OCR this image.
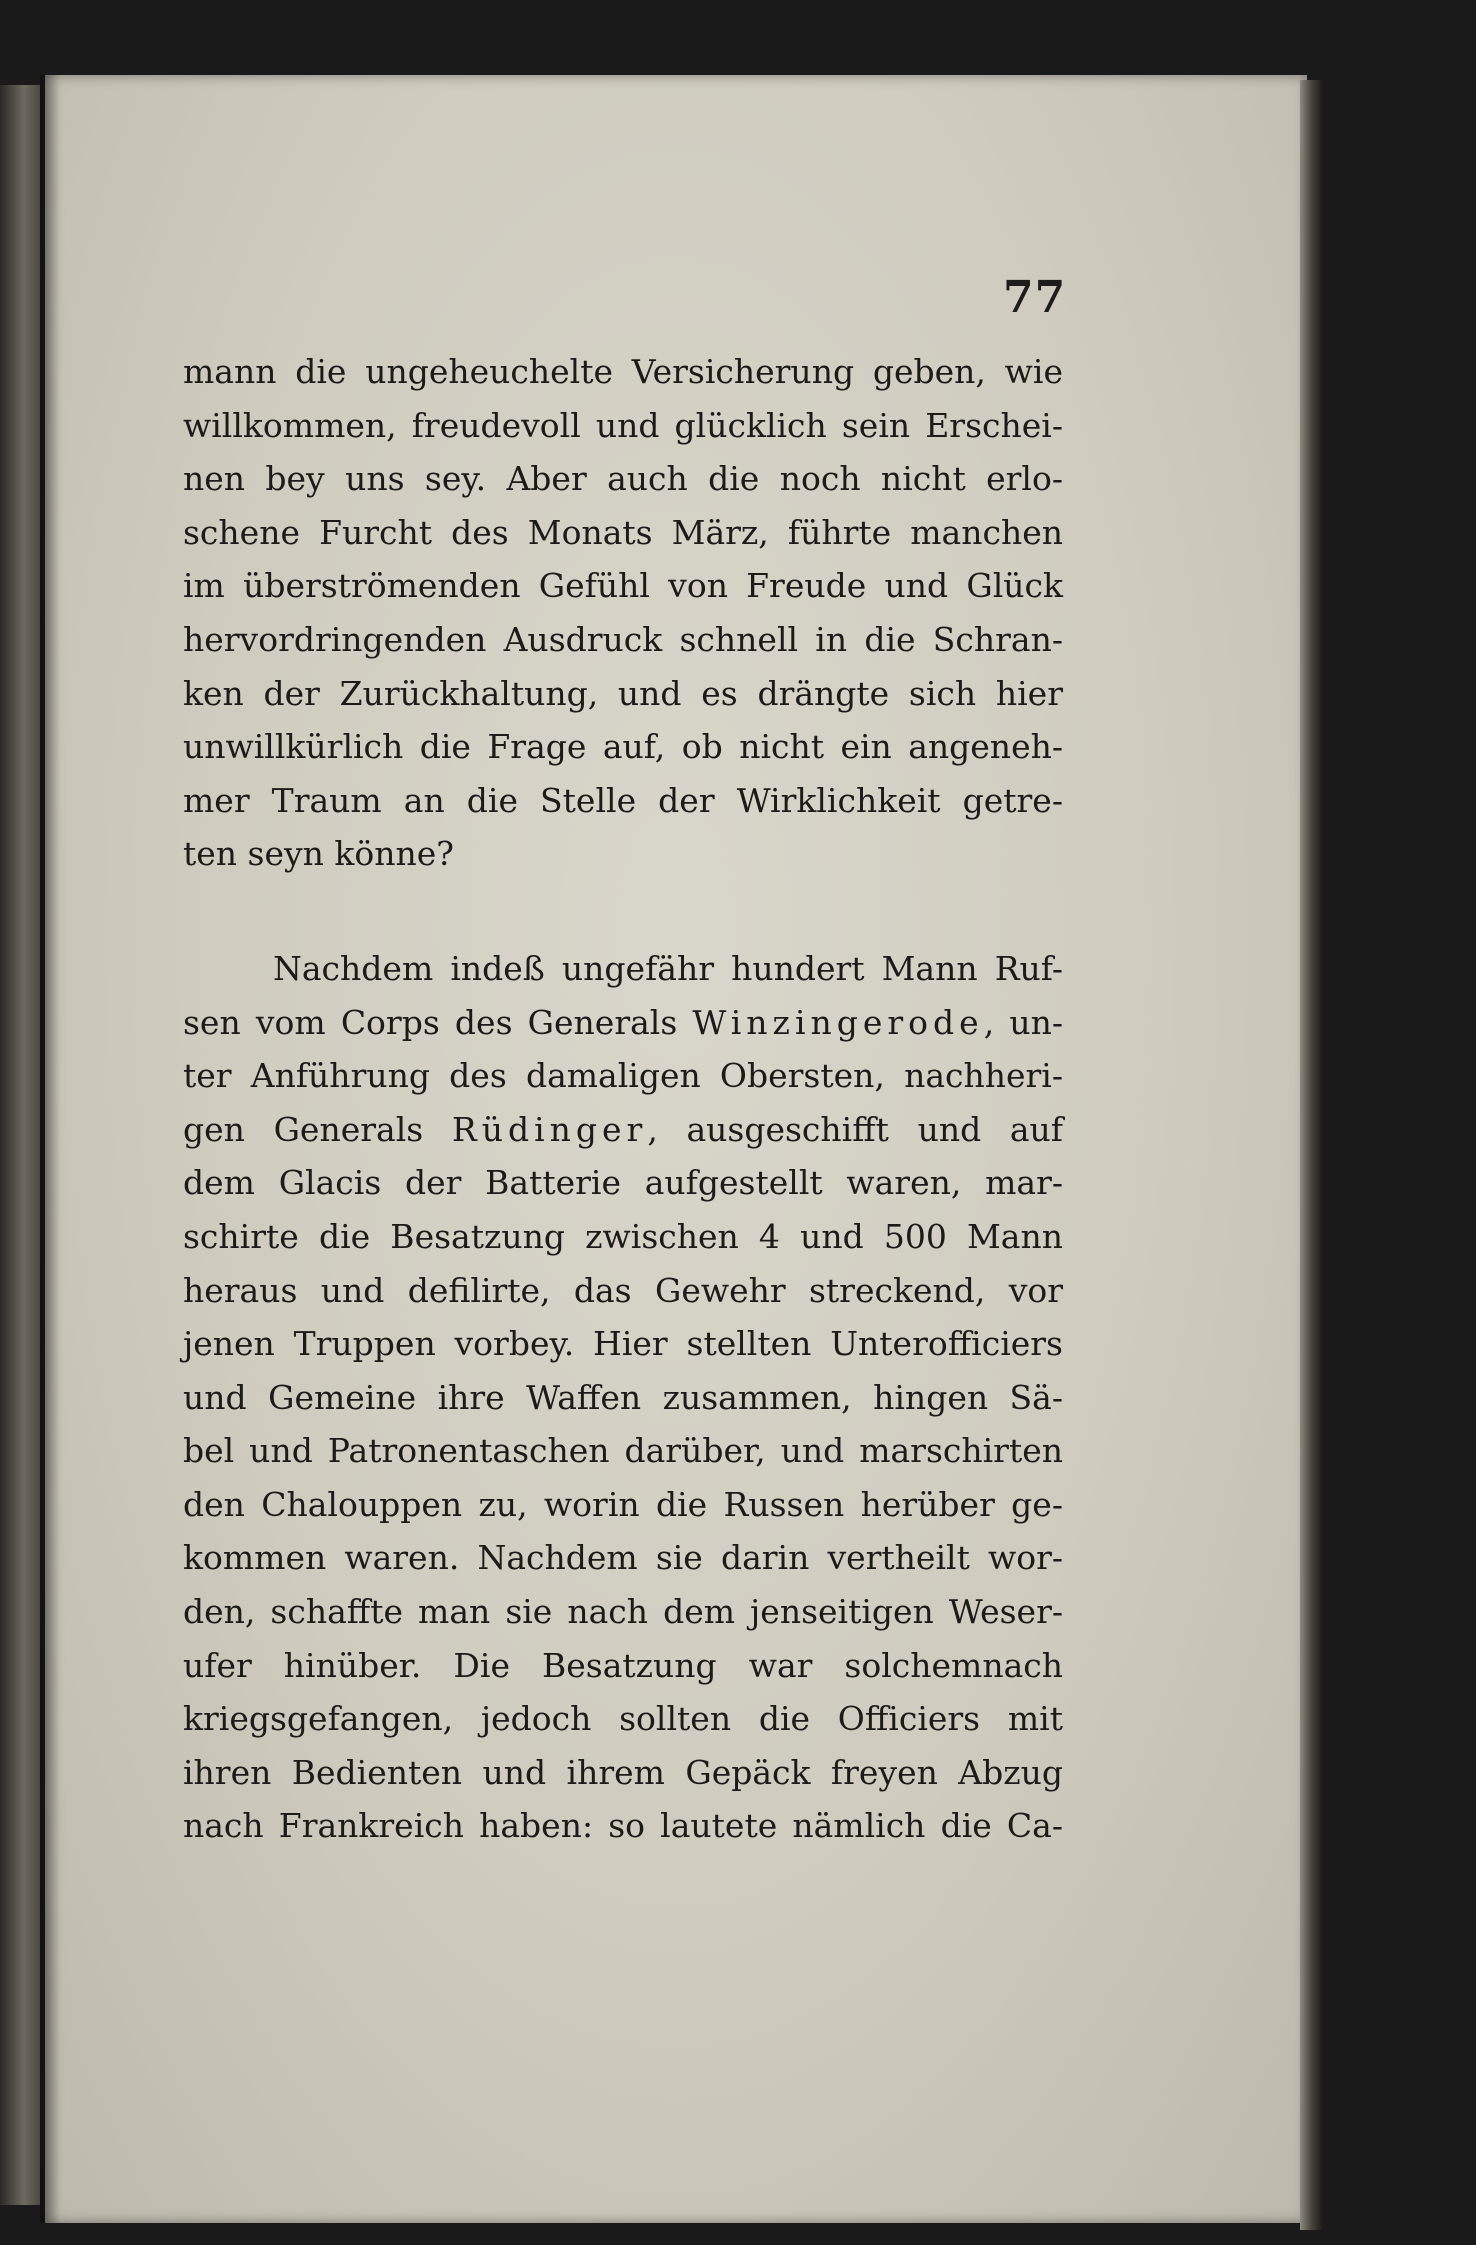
77
mann die ungeheuchelte Versicherung geben, wie
willkommen, freudevoll und glücklich sein Erschei-
nen bey uns sey. Aber auch die noch nicht erlo-
schene Furcht des Monats März, führte manchen
im überströmenden Gefühl von Freude und Glück
hervordringenden Ausdruck schnell in die Schran-
ken der Zurückhaltung, und es drängte sich hier
unwillkürlich die Frage auf, ob nicht ein angeneh-
mer Traum an die Stelle der Wirklichkeit getre-
ten seyn könne?
Nachdem indeß ungefähr hundert Mann Ruf-
sen vom Corps des Generals Winzingerode, un-
ter Anführung des damaligen Obersten, nachheri-
gen Generals Rüdinger, ausgeschifft und auf
dem Glacis der Batterie aufgestellt waren, mar-
schirte die Besatzung zwischen 4 und 500 Mann
heraus und defilirte, das Gewehr streckend, vor
jenen Truppen vorbey. Hier stellten Unterofficiers
und Gemeine ihre Waffen zusammen, hingen Sä-
bel und Patronentaschen darüber, und marschirten
den Chalouppen zu, worin die Russen herüber ge-
kommen waren. Nachdem sie darin vertheilt wor-
den, schaffte man sie nach dem jenseitigen Weser-
ufer hinüber. Die Besatzung war solchemnach
kriegsgefangen, jedoch sollten die Officiers mit
ihren Bedienten und ihrem Gepäck freyen Abzug
nach Frankreich haben: so lautete nämlich die Ca-
